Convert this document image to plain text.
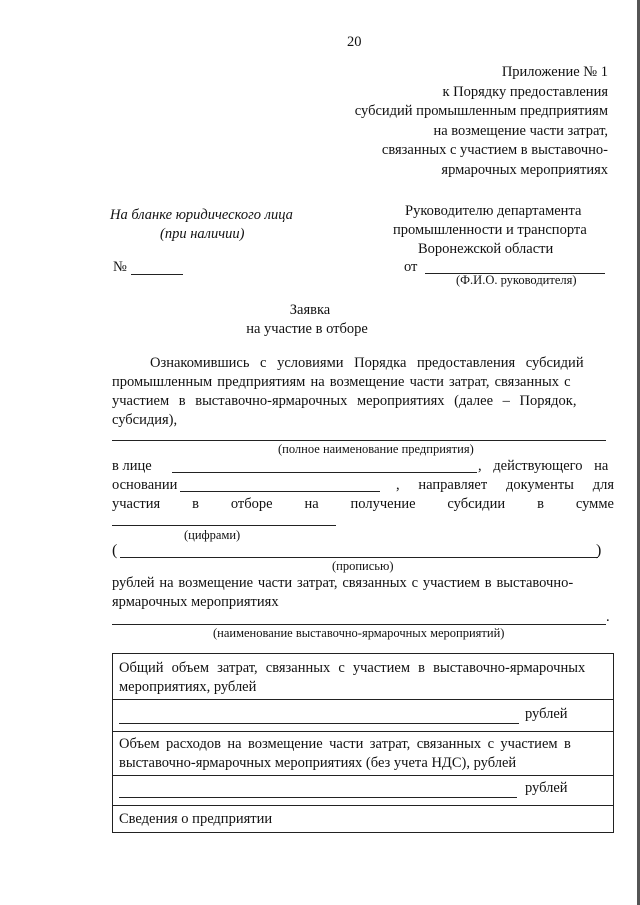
20
Приложение № 1
к Порядку предоставления
субсидий промышленным предприятиям
на возмещение части затрат,
связанных с участием в выставочно-
ярмарочных мероприятиях
На бланке юридического лица
(при наличии)
№
Руководителю департамента
промышленности и транспорта
Воронежской области
от
(Ф.И.О. руководителя)
Заявка
на участие в отборе
Ознакомившись с условиями Порядка предоставления субсидий
промышленным предприятиям на возмещение части затрат, связанных с
участием в выставочно-ярмарочных мероприятиях (далее – Порядок,
субсидия),
(полное наименование предприятия)
в лице	, действующего на
основании	, направляет документы для
участия в отборе на получение субсидии в сумме
(цифрами)
(	)
(прописью)
рублей на возмещение части затрат, связанных с участием в выставочно-
ярмарочных мероприятиях
.
(наименование выставочно-ярмарочных мероприятий)
Общий объем затрат, связанных с участием в выставочно-ярмарочных
мероприятиях, рублей
рублей
Объем расходов на возмещение части затрат, связанных с участием в
выставочно-ярмарочных мероприятиях (без учета НДС), рублей
рублей
Сведения о предприятии
